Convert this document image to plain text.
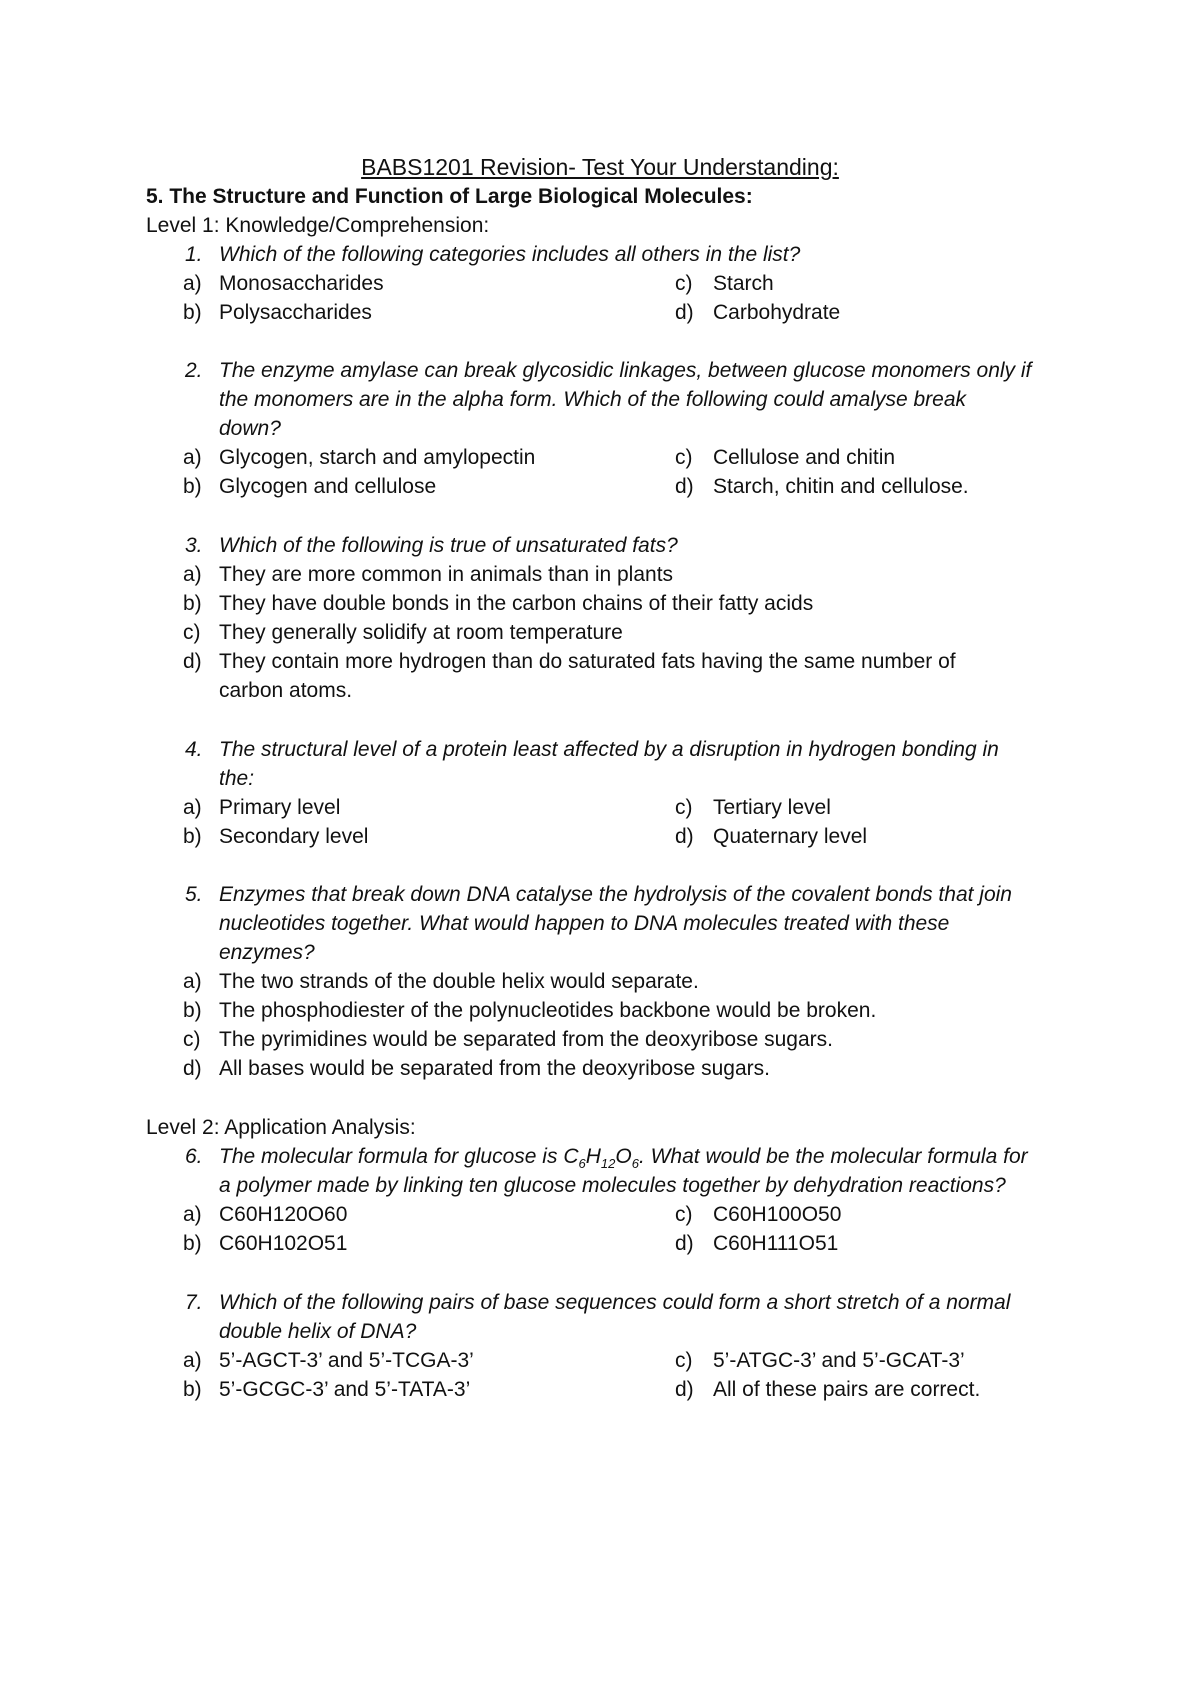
BABS1201 Revision- Test Your Understanding:
5. The Structure and Function of Large Biological Molecules:
Level 1: Knowledge/Comprehension:
1. Which of the following categories includes all others in the list?
a) Monosaccharides	c) Starch
b) Polysaccharides	d) Carbohydrate
2. The enzyme amylase can break glycosidic linkages, between glucose monomers only if
the monomers are in the alpha form. Which of the following could amalyse break
down?
a) Glycogen, starch and amylopectin	c) Cellulose and chitin
b) Glycogen and cellulose	d) Starch, chitin and cellulose.
3. Which of the following is true of unsaturated fats?
a) They are more common in animals than in plants
b) They have double bonds in the carbon chains of their fatty acids
c) They generally solidify at room temperature
d) They contain more hydrogen than do saturated fats having the same number of
carbon atoms.
4. The structural level of a protein least affected by a disruption in hydrogen bonding in
the:
a) Primary level	c) Tertiary level
b) Secondary level	d) Quaternary level
5. Enzymes that break down DNA catalyse the hydrolysis of the covalent bonds that join
nucleotides together. What would happen to DNA molecules treated with these
enzymes?
a) The two strands of the double helix would separate.
b) The phosphodiester of the polynucleotides backbone would be broken.
c) The pyrimidines would be separated from the deoxyribose sugars.
d) All bases would be separated from the deoxyribose sugars.
Level 2: Application Analysis:
6. The molecular formula for glucose is $C_6H_{12}O_6$. What would be the molecular formula for
a polymer made by linking ten glucose molecules together by dehydration reactions?
a) C60H120O60	c) C60H100O50
b) C60H102O51	d) C60H111O51
7. Which of the following pairs of base sequences could form a short stretch of a normal
double helix of DNA?
a) 5’-AGCT-3’ and 5’-TCGA-3’	c) 5’-ATGC-3’ and 5’-GCAT-3’
b) 5’-GCGC-3’ and 5’-TATA-3’	d) All of these pairs are correct.
